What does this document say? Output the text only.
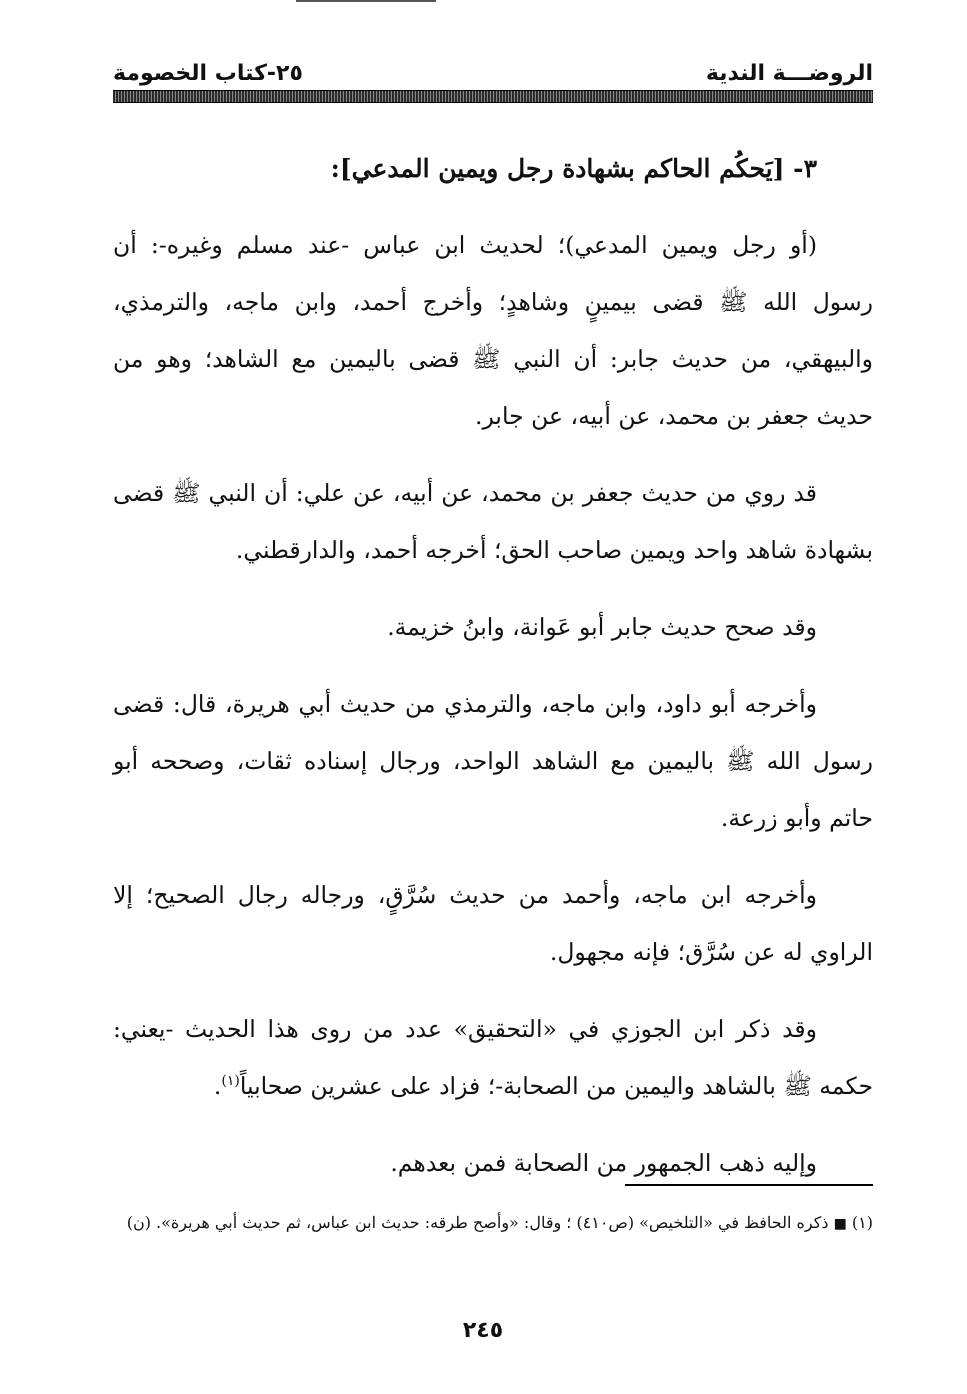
الروضـــة الندية
٢٥-كتاب الخصومة

٣- [يَحكُم الحاكم بشهادة رجل ويمين المدعي]:

(أو رجل ويمين المدعي)؛ لحديث ابن عباس -عند مسلم وغيره-: أن رسول الله ﷺ قضى بيمينٍ وشاهدٍ؛ وأخرج أحمد، وابن ماجه، والترمذي، والبيهقي، من حديث جابر: أن النبي ﷺ قضى باليمين مع الشاهد؛ وهو من حديث جعفر بن محمد، عن أبيه، عن جابر.

قد روي من حديث جعفر بن محمد، عن أبيه، عن علي: أن النبي ﷺ قضى بشهادة شاهد واحد ويمين صاحب الحق؛ أخرجه أحمد، والدارقطني.

وقد صحح حديث جابر أبو عَوانة، وابنُ خزيمة.

وأخرجه أبو داود، وابن ماجه، والترمذي من حديث أبي هريرة، قال: قضى رسول الله ﷺ باليمين مع الشاهد الواحد، ورجال إسناده ثقات، وصححه أبو حاتم وأبو زرعة.

وأخرجه ابن ماجه، وأحمد من حديث سُرَّقٍ، ورجاله رجال الصحيح؛ إلا الراوي له عن سُرَّق؛ فإنه مجهول.

وقد ذكر ابن الجوزي في «التحقيق» عدد من روى هذا الحديث -يعني: حكمه ﷺ بالشاهد واليمين من الصحابة-؛ فزاد على عشرين صحابياً$^{(١)}$.

وإليه ذهب الجمهور من الصحابة فمن بعدهم.

(١) ■ ذكره الحافظ في «التلخيص» (ص٤١٠) ؛ وقال: «وأصح طرقه: حديث ابن عباس، ثم حديث أبي هريرة». (ن)
٢٤٥
